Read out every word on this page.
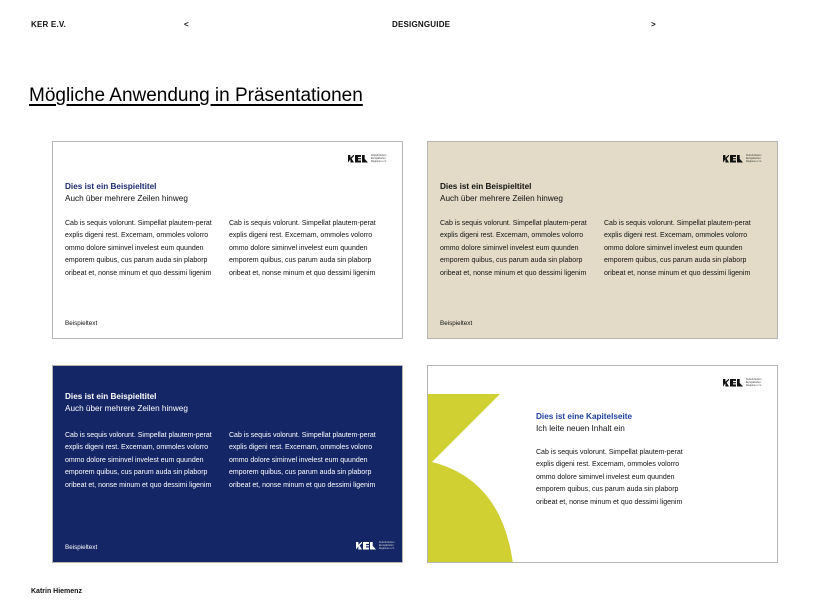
KER E.V.	<	DESIGNGUIDE	>
Mögliche Anwendung in Präsentationen
Kulturbrücken Europäischer Regionen e.V.
Dies ist ein Beispieltitel
Auch über mehrere Zeilen hinweg
Cab is sequis volorunt. Simpellat plautem-perat explis digeni rest. Excernam, ommoles volorro ommo dolore siminvel invelest eum quunden emporem quibus, cus parum auda sin plaborp oribeat et, nonse minum et quo dessimi ligenim
Cab is sequis volorunt. Simpellat plautem-perat explis digeni rest. Excernam, ommoles volorro ommo dolore siminvel invelest eum quunden emporem quibus, cus parum auda sin plaborp oribeat et, nonse minum et quo dessimi ligenim
Beispieltext
Kulturbrücken Europäischer Regionen e.V.
Dies ist ein Beispieltitel
Auch über mehrere Zeilen hinweg
Cab is sequis volorunt. Simpellat plautem-perat explis digeni rest. Excernam, ommoles volorro ommo dolore siminvel invelest eum quunden emporem quibus, cus parum auda sin plaborp oribeat et, nonse minum et quo dessimi ligenim
Cab is sequis volorunt. Simpellat plautem-perat explis digeni rest. Excernam, ommoles volorro ommo dolore siminvel invelest eum quunden emporem quibus, cus parum auda sin plaborp oribeat et, nonse minum et quo dessimi ligenim
Beispieltext
Dies ist ein Beispieltitel
Auch über mehrere Zeilen hinweg
Cab is sequis volorunt. Simpellat plautem-perat explis digeni rest. Excernam, ommoles volorro ommo dolore siminvel invelest eum quunden emporem quibus, cus parum auda sin plaborp oribeat et, nonse minum et quo dessimi ligenim
Cab is sequis volorunt. Simpellat plautem-perat explis digeni rest. Excernam, ommoles volorro ommo dolore siminvel invelest eum quunden emporem quibus, cus parum auda sin plaborp oribeat et, nonse minum et quo dessimi ligenim
Beispieltext
Kulturbrücken Europäischer Regionen e.V.
Kulturbrücken Europäischer Regionen e.V.
Dies ist eine Kapitelseite
Ich leite neuen Inhalt ein
Cab is sequis volorunt. Simpellat plautem-perat explis digeni rest. Excernam, ommoles volorro ommo dolore siminvel invelest eum quunden emporem quibus, cus parum auda sin plaborp oribeat et, nonse minum et quo dessimi ligenim
Katrin Hiemenz
